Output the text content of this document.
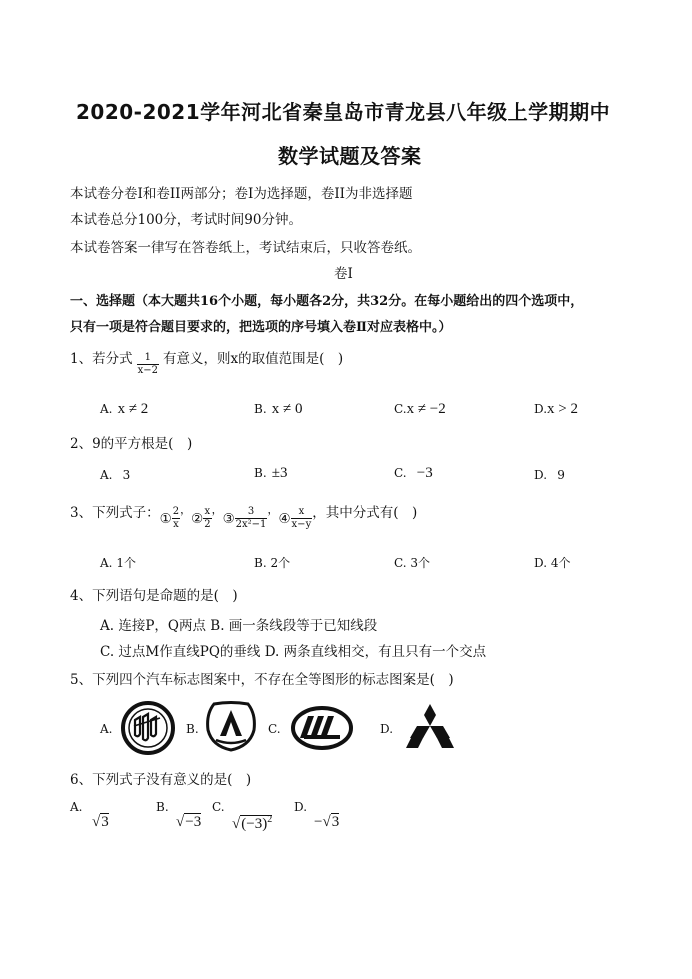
2020-2021学年河北省秦皇岛市青龙县八年级上学期期中
数学试题及答案
本试卷分卷I和卷II两部分；卷I为选择题，卷II为非选择题
本试卷总分100分，考试时间90分钟。
本试卷答案一律写在答卷纸上，考试结束后，只收答卷纸。
卷Ⅰ
一、选择题（本大题共16个小题，每小题各2分，共32分。在每小题给出的四个选项中，
只有一项是符合题目要求的，把选项的序号填入卷Ⅱ对应表格中。）
1、若分式 $\frac{1}{x-2}$ 有意义，则x的取值范围是(　)
A. x ≠ 2	B. x ≠ 0	C.x ≠ −2	D.x > 2
2、9的平方根是(　)
A. 3	B. ±3	C. −3	D. 9
3、下列式子： ① $\frac{2}{x}$ ，
② $\frac{x}{2}$ ，
③ $\frac{3}{\text{2x²−1}}$ ，
④ $\frac{x}{x-y}$ ，其中分式有(　)
A. 1个	B. 2个	C. 3个	D. 4个
4、下列语句是命题的是(　)
A. 连接P，Q两点 B. 画一条线段等于已知线段
C. 过点M作直线PQ的垂线 D. 两条直线相交，有且只有一个交点
5、下列四个汽车标志图案中，不存在全等图形的标志图案是(　)
A.	B.	C.	D.
6、下列式子没有意义的是(　)
A.
√3
B.
√−3
C.
$√(-3)^2$
D.
−√3
